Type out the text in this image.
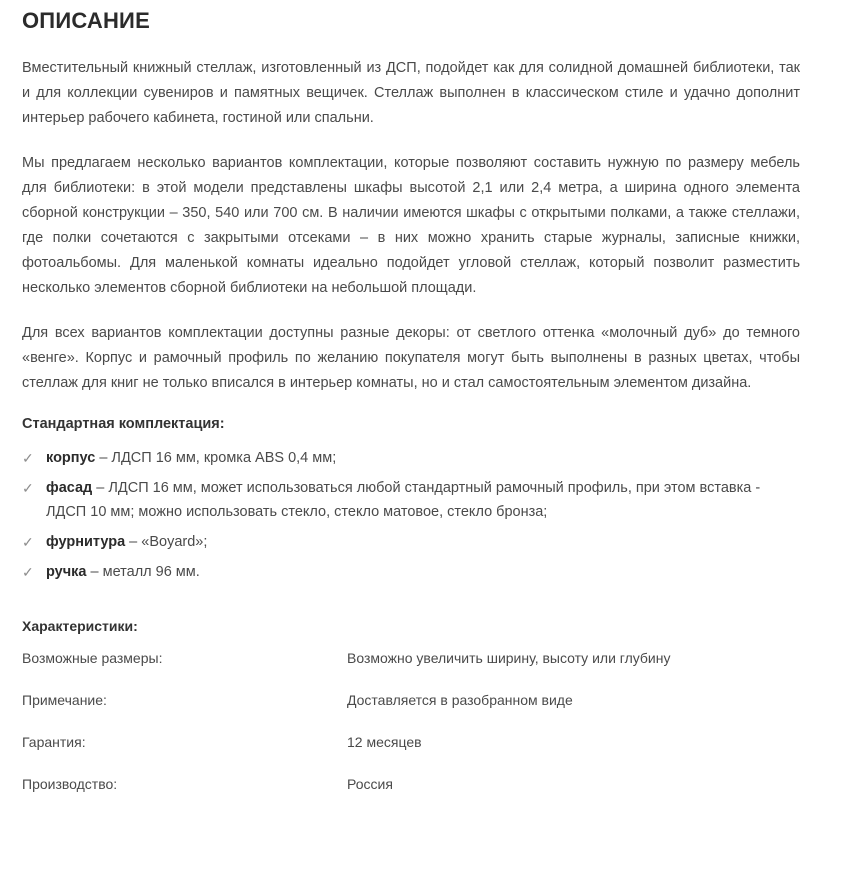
ОПИСАНИЕ

Вместительный книжный стеллаж, изготовленный из ДСП, подойдет как для солидной домашней библиотеки, так и для коллекции сувениров и памятных вещичек. Стеллаж выполнен в классическом стиле и удачно дополнит интерьер рабочего кабинета, гостиной или спальни.

Мы предлагаем несколько вариантов комплектации, которые позволяют составить нужную по размеру мебель для библиотеки: в этой модели представлены шкафы высотой 2,1 или 2,4 метра, а ширина одного элемента сборной конструкции – 350, 540 или 700 см. В наличии имеются шкафы с открытыми полками, а также стеллажи, где полки сочетаются с закрытыми отсеками – в них можно хранить старые журналы, записные книжки, фотоальбомы. Для маленькой комнаты идеально подойдет угловой стеллаж, который позволит разместить несколько элементов сборной библиотеки на небольшой площади.

Для всех вариантов комплектации доступны разные декоры: от светлого оттенка «молочный дуб» до темного «венге». Корпус и рамочный профиль по желанию покупателя могут быть выполнены в разных цветах, чтобы стеллаж для книг не только вписался в интерьер комнаты, но и стал самостоятельным элементом дизайна.

Стандартная комплектация:
✓ корпус – ЛДСП 16 мм, кромка ABS 0,4 мм;
✓ фасад – ЛДСП 16 мм, может использоваться любой стандартный рамочный профиль, при этом вставка - ЛДСП 10 мм; можно использовать стекло, стекло матовое, стекло бронза;
✓ фурнитура – «Boyard»;
✓ ручка – металл 96 мм.
Характеристики:
Возможные размеры:	Возможно увеличить ширину, высоту или глубину
Примечание:	Доставляется в разобранном виде
Гарантия:	12 месяцев
Производство:	Россия
